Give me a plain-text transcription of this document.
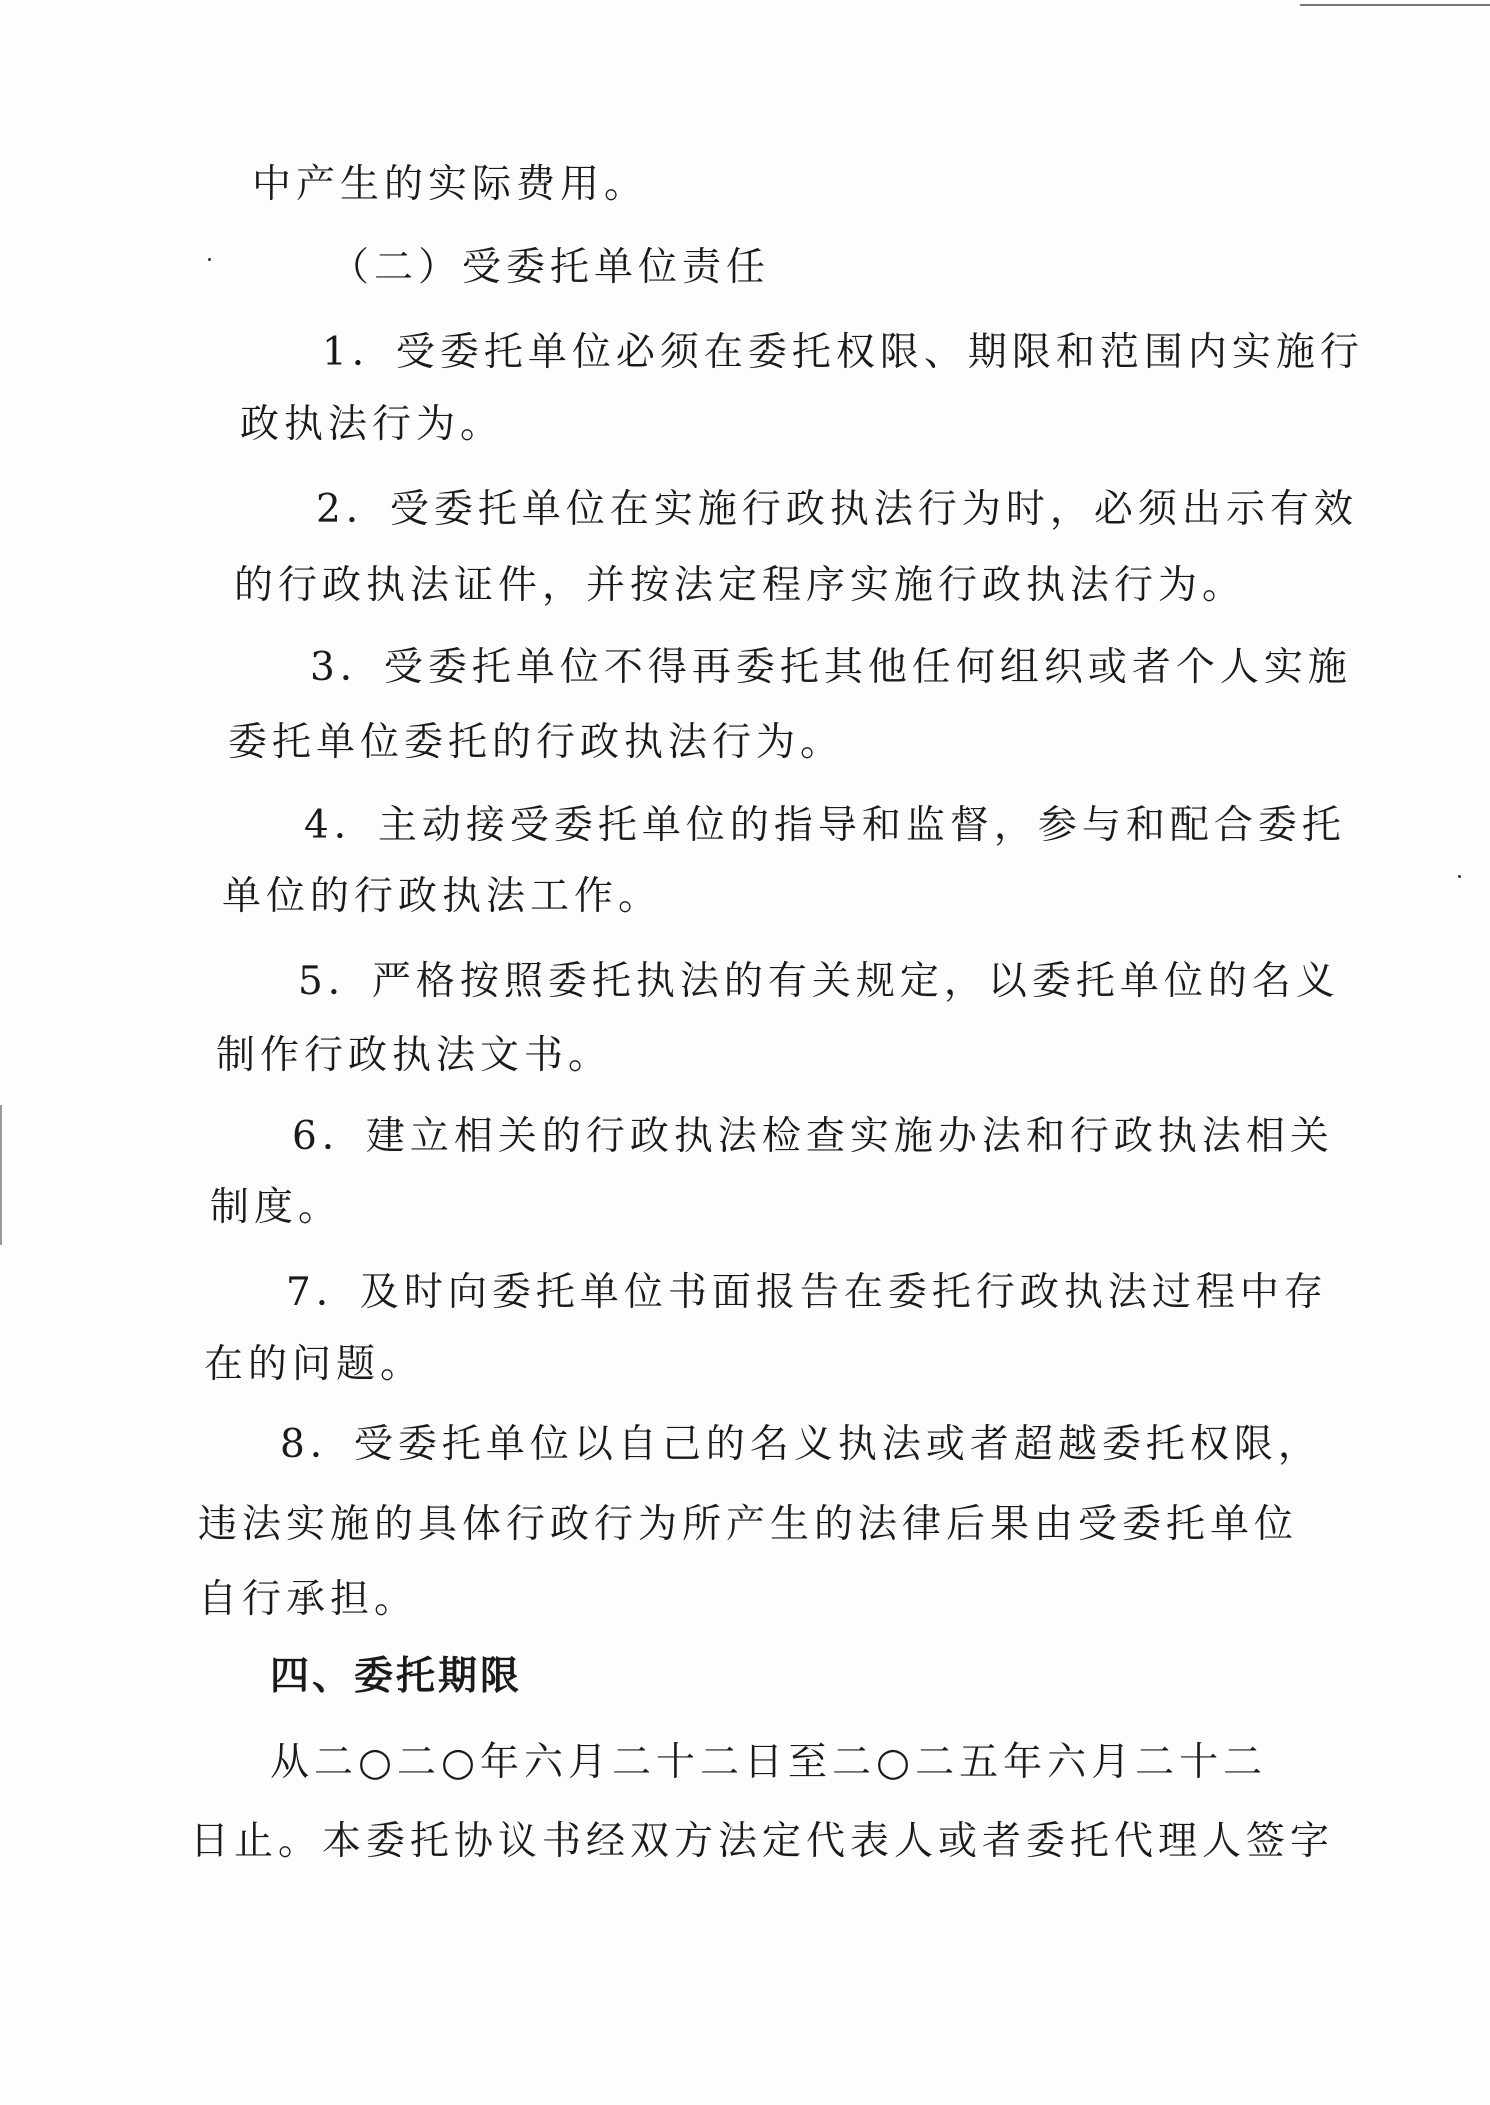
中产生的实际费用。

（二）受委托单位责任

1．受委托单位必须在委托权限、期限和范围内实施行

政执法行为。

2．受委托单位在实施行政执法行为时，必须出示有效

的行政执法证件，并按法定程序实施行政执法行为。

3．受委托单位不得再委托其他任何组织或者个人实施

委托单位委托的行政执法行为。

4．主动接受委托单位的指导和监督，参与和配合委托

单位的行政执法工作。

5．严格按照委托执法的有关规定，以委托单位的名义

制作行政执法文书。

6．建立相关的行政执法检查实施办法和行政执法相关

制度。

7．及时向委托单位书面报告在委托行政执法过程中存

在的问题。

8．受委托单位以自己的名义执法或者超越委托权限，

违法实施的具体行政行为所产生的法律后果由受委托单位

自行承担。

四、委托期限

从二○二○年六月二十二日至二○二五年六月二十二

日止。本委托协议书经双方法定代表人或者委托代理人签字
